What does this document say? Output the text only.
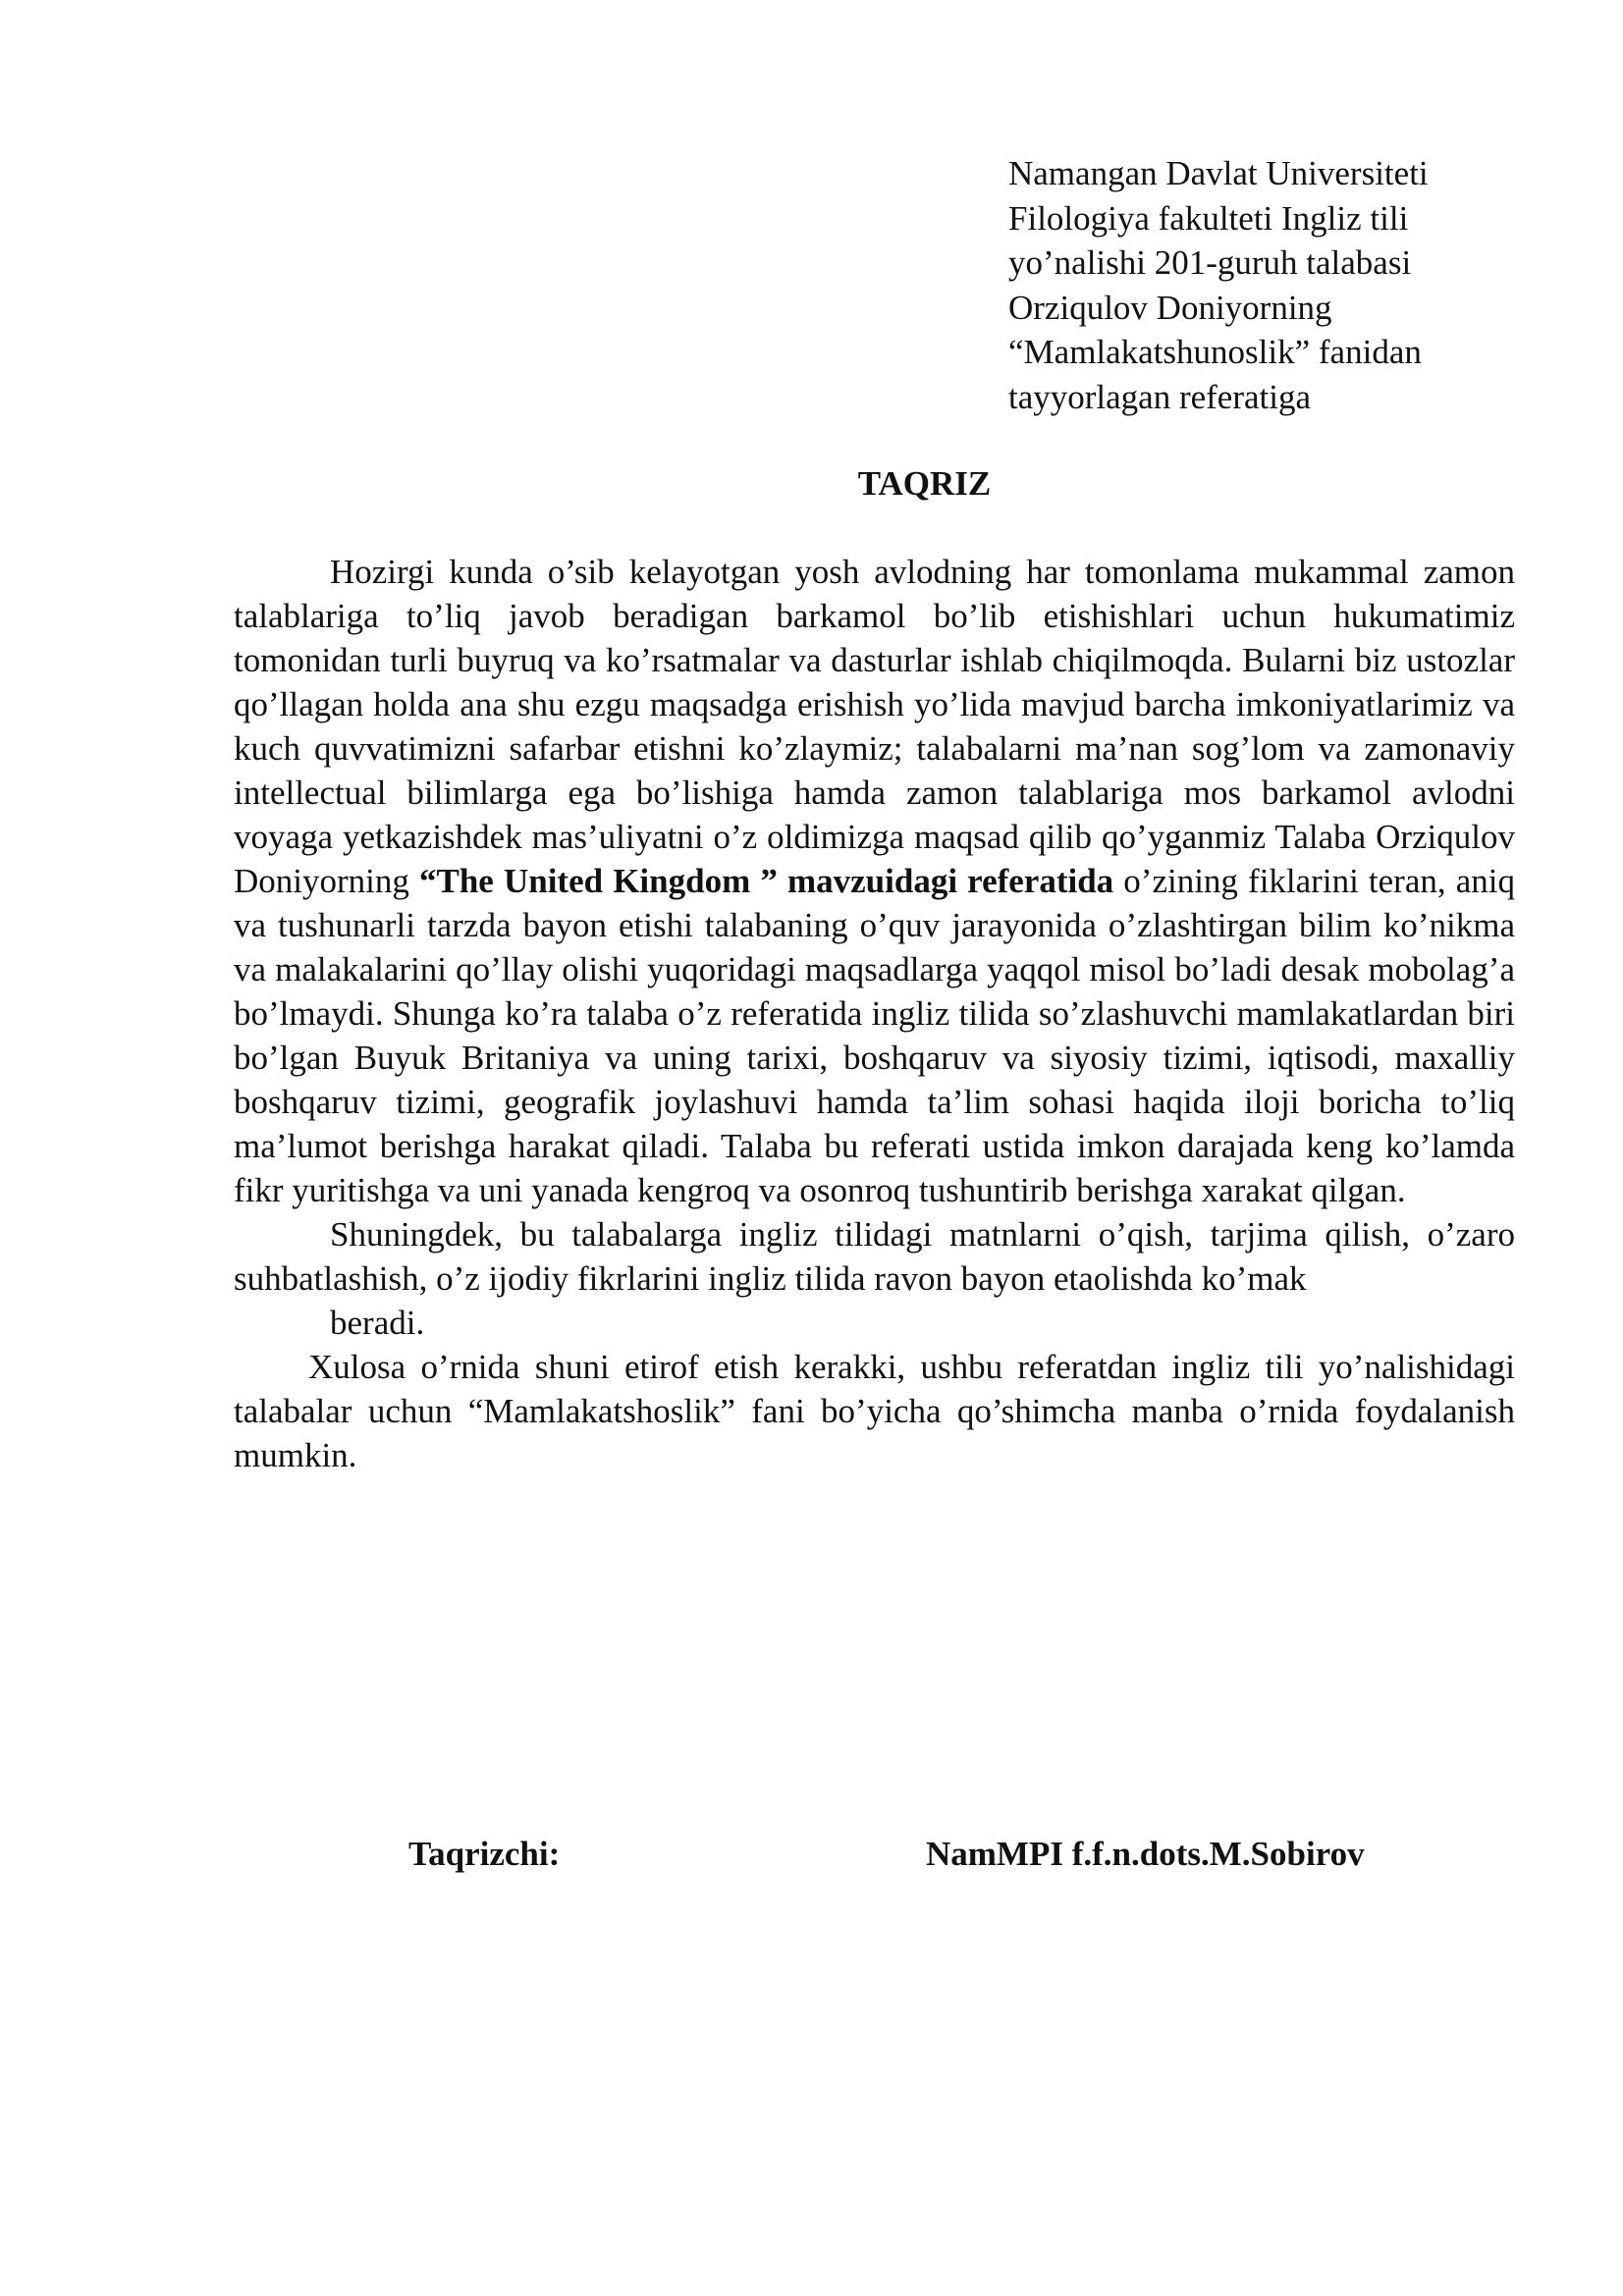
Namangan Davlat Universiteti
Filologiya fakulteti Ingliz tili
yo’nalishi 201-guruh talabasi
Orziqulov Doniyorning
“Mamlakatshunoslik” fanidan
tayyorlagan referatiga
TAQRIZ

Hozirgi kunda o’sib kelayotgan yosh avlodning har tomonlama mukammal zamon talablariga to’liq javob beradigan barkamol bo’lib etishishlari uchun hukumatimiz tomonidan turli buyruq va ko’rsatmalar va dasturlar ishlab chiqilmoqda. Bularni biz ustozlar qo’llagan holda ana shu ezgu maqsadga erishish yo’lida mavjud barcha imkoniyatlarimiz va kuch quvvatimizni safarbar etishni ko’zlaymiz; talabalarni ma’nan sog’lom va zamonaviy intellectual bilimlarga ega bo’lishiga hamda zamon talablariga mos barkamol avlodni voyaga yetkazishdek mas’uliyatni o’z oldimizga maqsad qilib qo’yganmiz Talaba Orziqulov Doniyorning “The United Kingdom ” mavzuidagi referatida o’zining fiklarini teran, aniq va tushunarli tarzda bayon etishi talabaning o’quv jarayonida o’zlashtirgan bilim ko’nikma va malakalarini qo’llay olishi yuqoridagi maqsadlarga yaqqol misol bo’ladi desak mobolag’a bo’lmaydi. Shunga ko’ra talaba o’z referatida ingliz tilida so’zlashuvchi mamlakatlardan biri bo’lgan Buyuk Britaniya va uning tarixi, boshqaruv va siyosiy tizimi, iqtisodi, maxalliy boshqaruv tizimi, geografik joylashuvi hamda ta’lim sohasi haqida iloji boricha to’liq ma’lumot berishga harakat qiladi. Talaba bu referati ustida imkon darajada keng ko’lamda fikr yuritishga va uni yanada kengroq va osonroq tushuntirib berishga xarakat qilgan.

Shuningdek, bu talabalarga ingliz tilidagi matnlarni o’qish, tarjima qilish, o’zaro suhbatlashish, o’z ijodiy fikrlarini ingliz tilida ravon bayon etaolishda ko’mak
beradi.

Xulosa o’rnida shuni etirof etish kerakki, ushbu referatdan ingliz tili yo’nalishidagi talabalar uchun “Mamlakatshoslik” fani bo’yicha qo’shimcha manba o’rnida foydalanish mumkin.

Taqrizchi:	NamMPI f.f.n.dots.M.Sobirov
